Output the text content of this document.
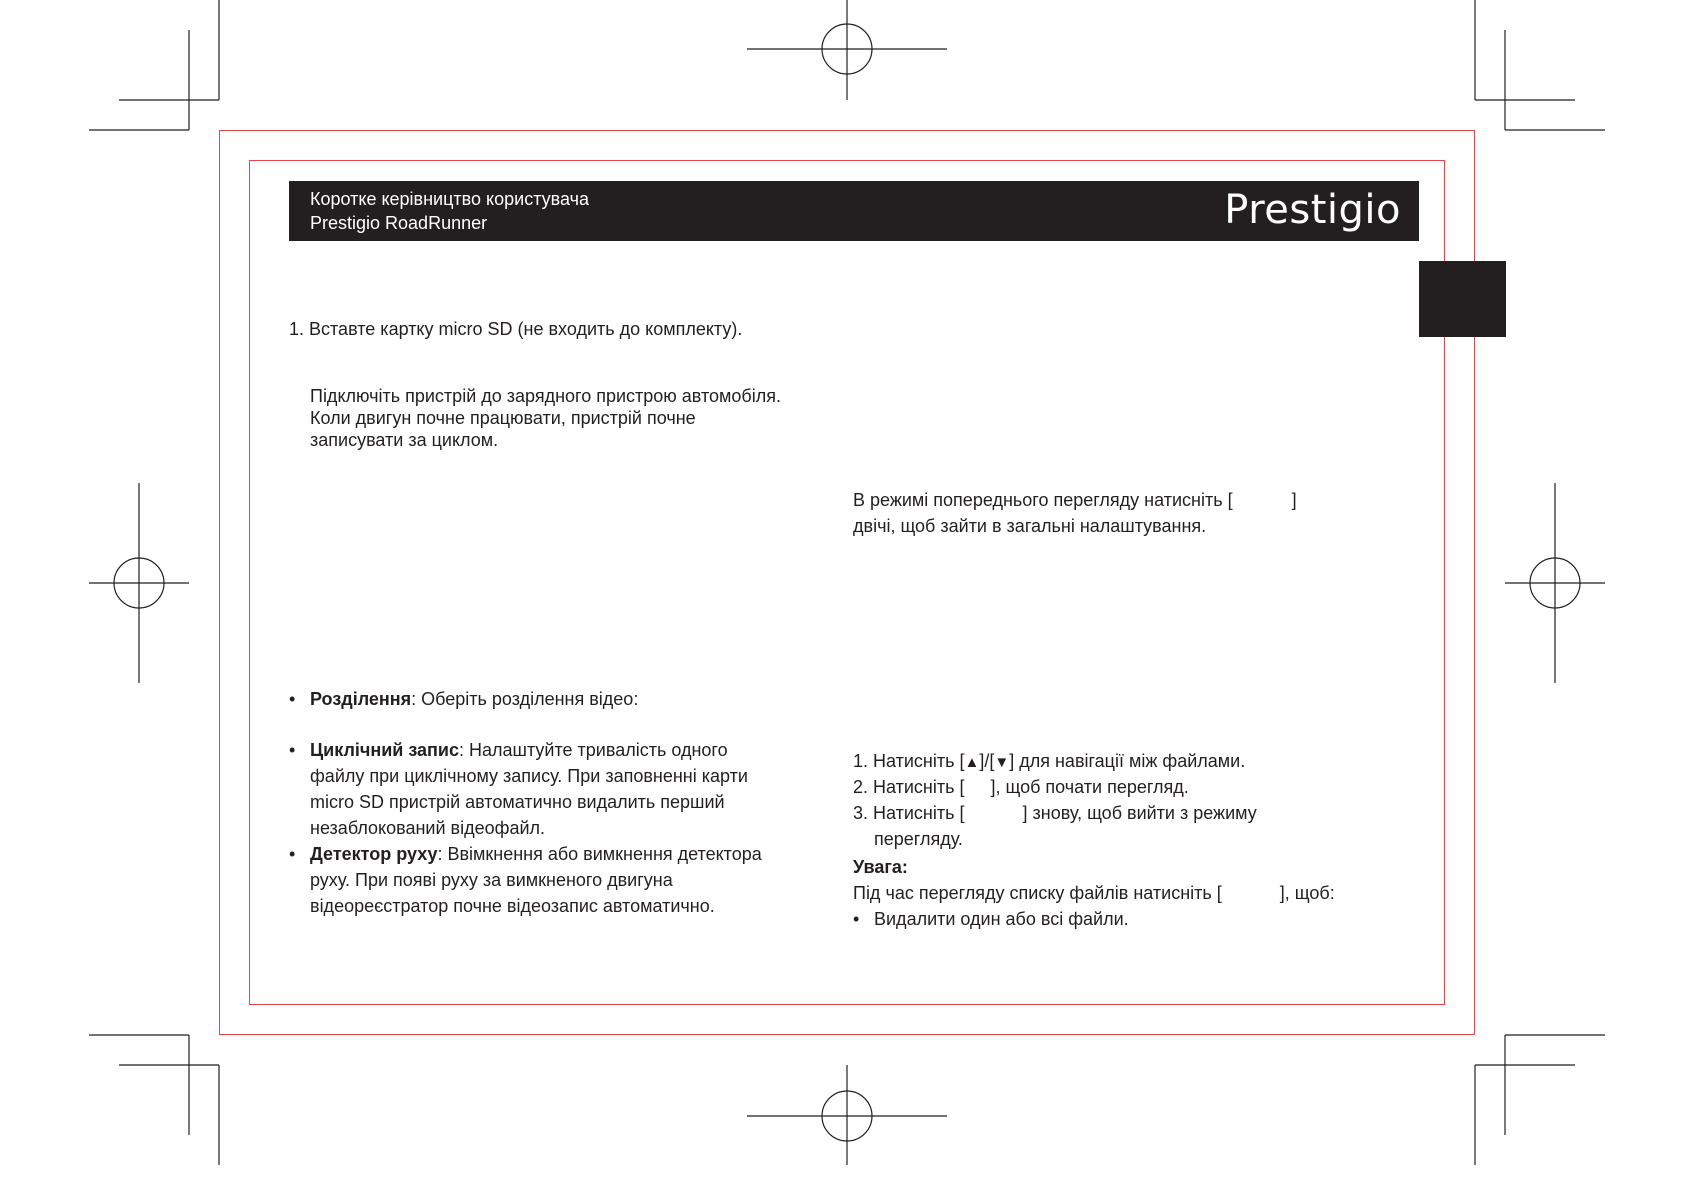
Коротке керівництво користувача
Prestigio RoadRunner	Prestigio
1. Вставте картку micro SD (не входить до комплекту).
Підключіть пристрій до зарядного пристрою автомобіля.
Коли двигун почне працювати, пристрій почне
записувати за циклом.
• Розділення: Оберіть розділення відео:
• Циклічний запис: Налаштуйте тривалість одного
файлу при циклічному запису. При заповненні карти
micro SD пристрій автоматично видалить перший
незаблокований відеофайл.
• Детектор руху: Ввімкнення або вимкнення детектора
руху. При появі руху за вимкненого двигуна
відеореєстратор почне відеозапис автоматично.
В режимі попереднього перегляду натисніть [	]
двічі, щоб зайти в загальні налаштування.
1. Натисніть [▲]/[▼] для навігації між файлами.
2. Натисніть [ ], щоб почати перегляд.
3. Натисніть [	] знову, щоб вийти з режиму
перегляду.
Увага:
Під час перегляду списку файлів натисніть [	], щоб:
• Видалити один або всі файли.
